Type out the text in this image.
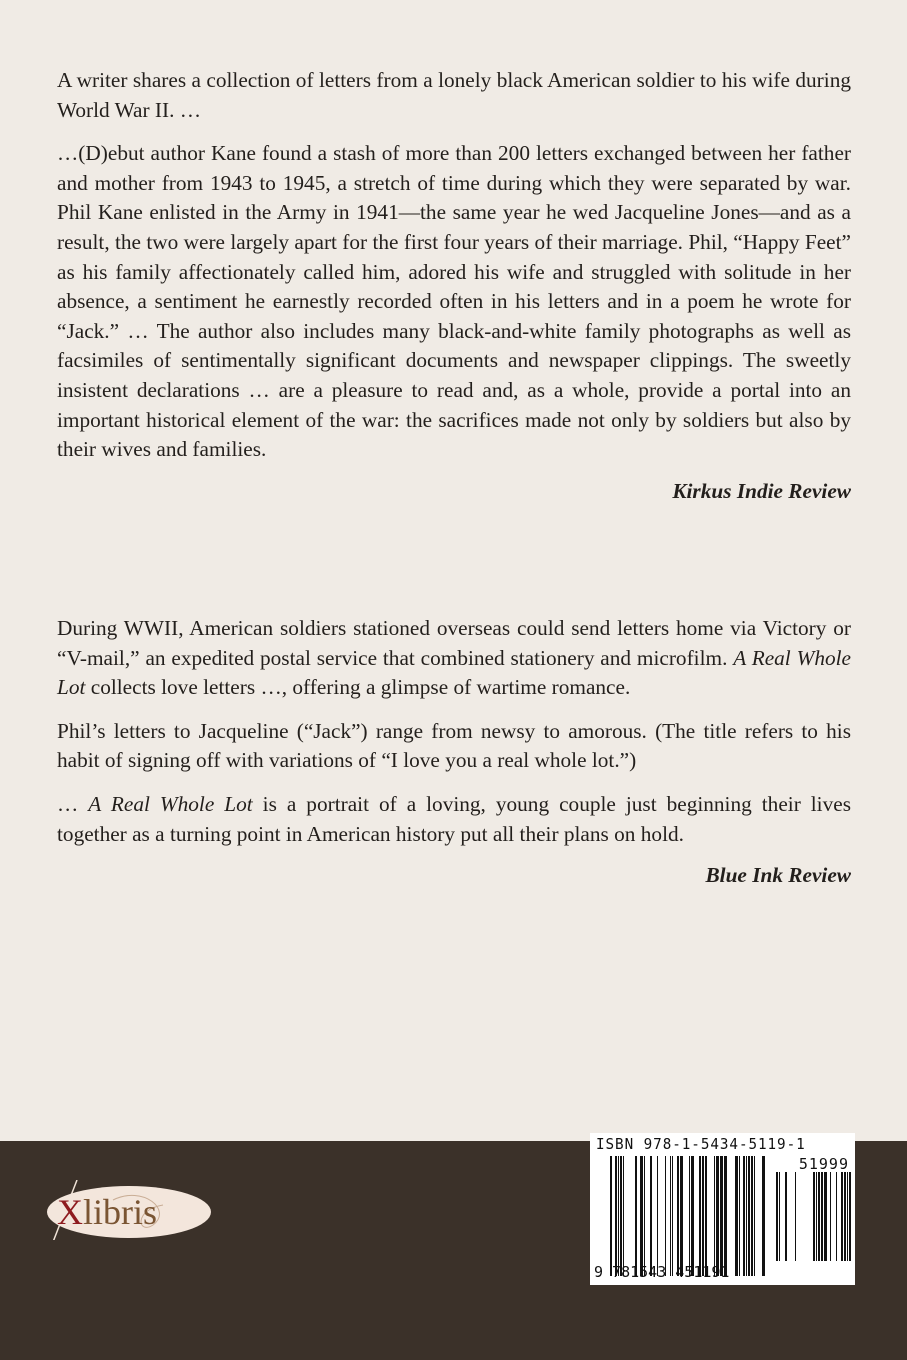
A writer shares a collection of letters from a lonely black American soldier to his wife during World War II. …

…(D)ebut author Kane found a stash of more than 200 letters exchanged between her father and mother from 1943 to 1945, a stretch of time during which they were separated by war. Phil Kane enlisted in the Army in 1941—the same year he wed Jacqueline Jones—and as a result, the two were largely apart for the first four years of their marriage. Phil, “Happy Feet” as his family affectionately called him, adored his wife and struggled with solitude in her absence, a sentiment he earnestly recorded often in his letters and in a poem he wrote for “Jack.” … The author also includes many black-and-white family photographs as well as facsimiles of sentimentally significant documents and newspaper clippings. The sweetly insistent declarations … are a pleasure to read and, as a whole, provide a portal into an important historical element of the war: the sacrifices made not only by soldiers but also by their wives and families.

Kirkus Indie Review

During WWII, American soldiers stationed overseas could send letters home via Victory or “V-mail,” an expedited postal service that combined stationery and microfilm. A Real Whole Lot collects love letters …, offering a glimpse of wartime romance.

Phil’s letters to Jacqueline (“Jack”) range from newsy to amorous. (The title refers to his habit of signing off with variations of “I love you a real whole lot.”)

… A Real Whole Lot is a portrait of a loving, young couple just beginning their lives together as a turning point in American history put all their plans on hold.

Blue Ink Review
X libris
ISBN 978-1-5434-5119-1
51999
9 781543 451191
